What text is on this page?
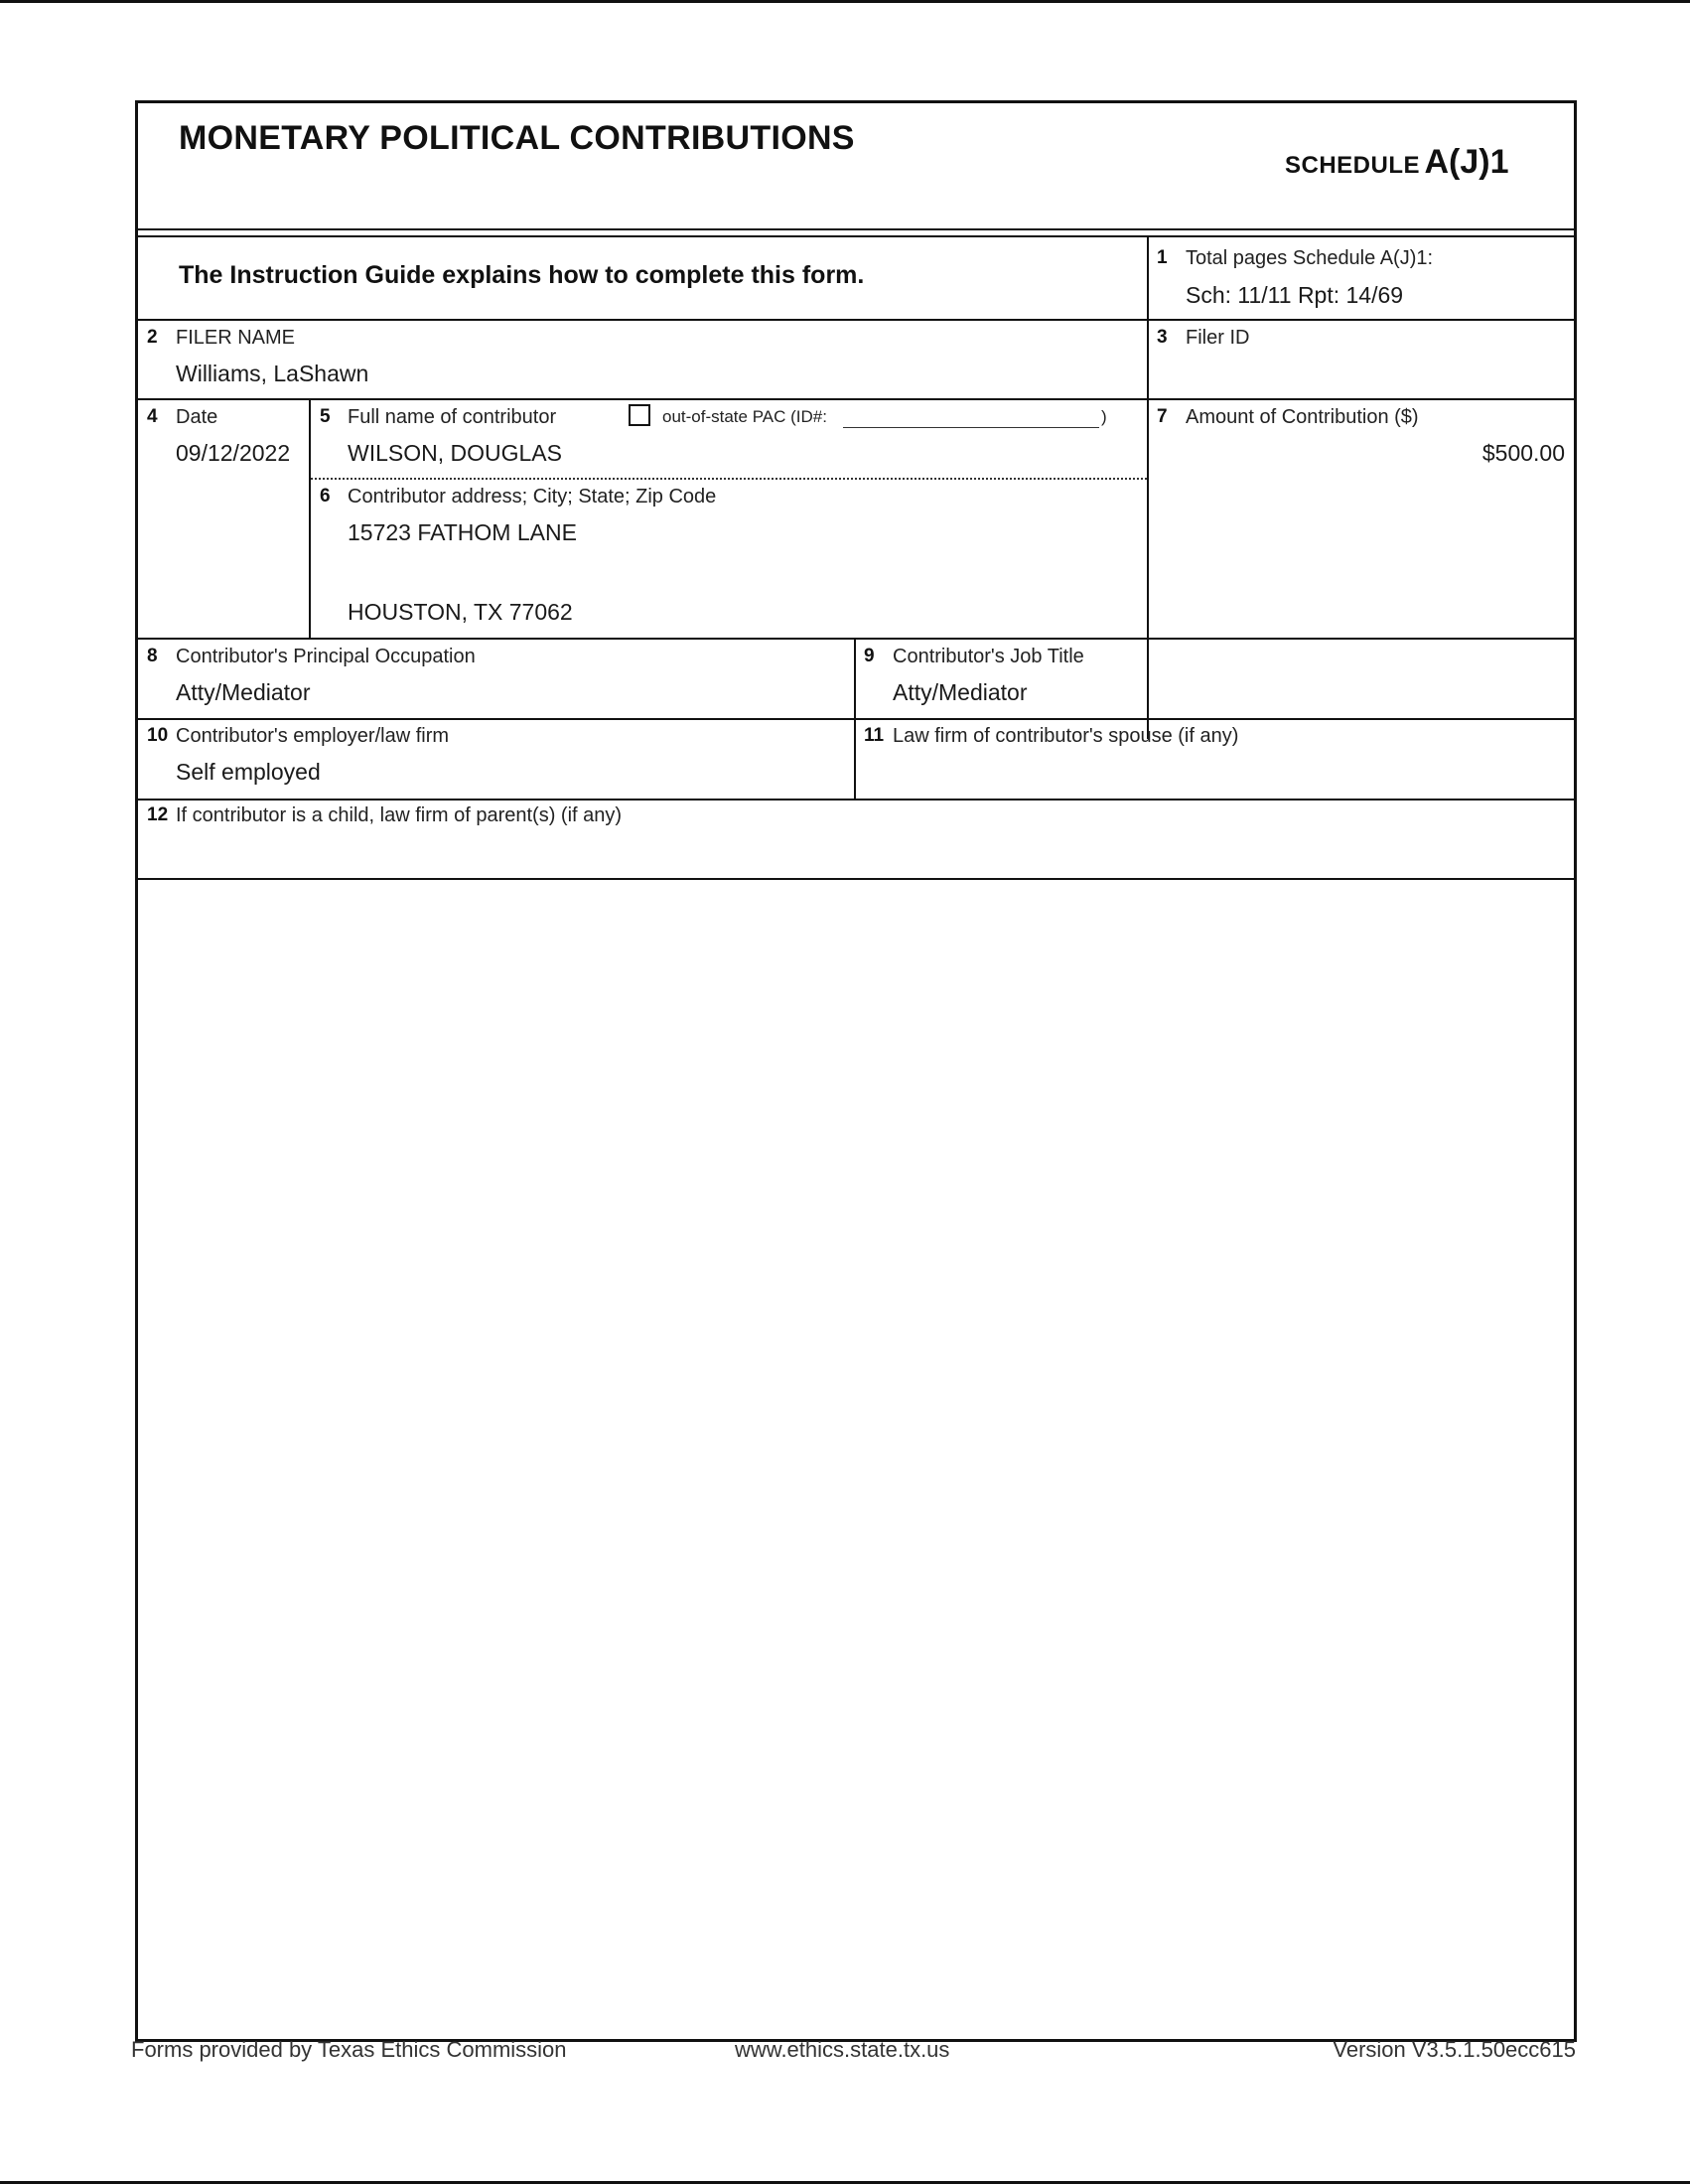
MONETARY POLITICAL CONTRIBUTIONS
SCHEDULE A(J)1
The Instruction Guide explains how to complete this form.
1 Total pages Schedule A(J)1:
Sch: 11/11 Rpt: 14/69
2 FILER NAME
Williams, LaShawn
3 Filer ID
4 Date
09/12/2022
5 Full name of contributor
WILSON, DOUGLAS
out-of-state PAC (ID#:	)
6 Contributor address; City; State; Zip Code
15723 FATHOM LANE
HOUSTON, TX 77062
7 Amount of Contribution ($)
$500.00
8 Contributor's Principal Occupation
Atty/Mediator
9 Contributor's Job Title
Atty/Mediator
10 Contributor's employer/law firm
Self employed
11 Law firm of contributor's spouse (if any)
12 If contributor is a child, law firm of parent(s) (if any)
Forms provided by Texas Ethics Commission	www.ethics.state.tx.us	Version V3.5.1.50ecc615
